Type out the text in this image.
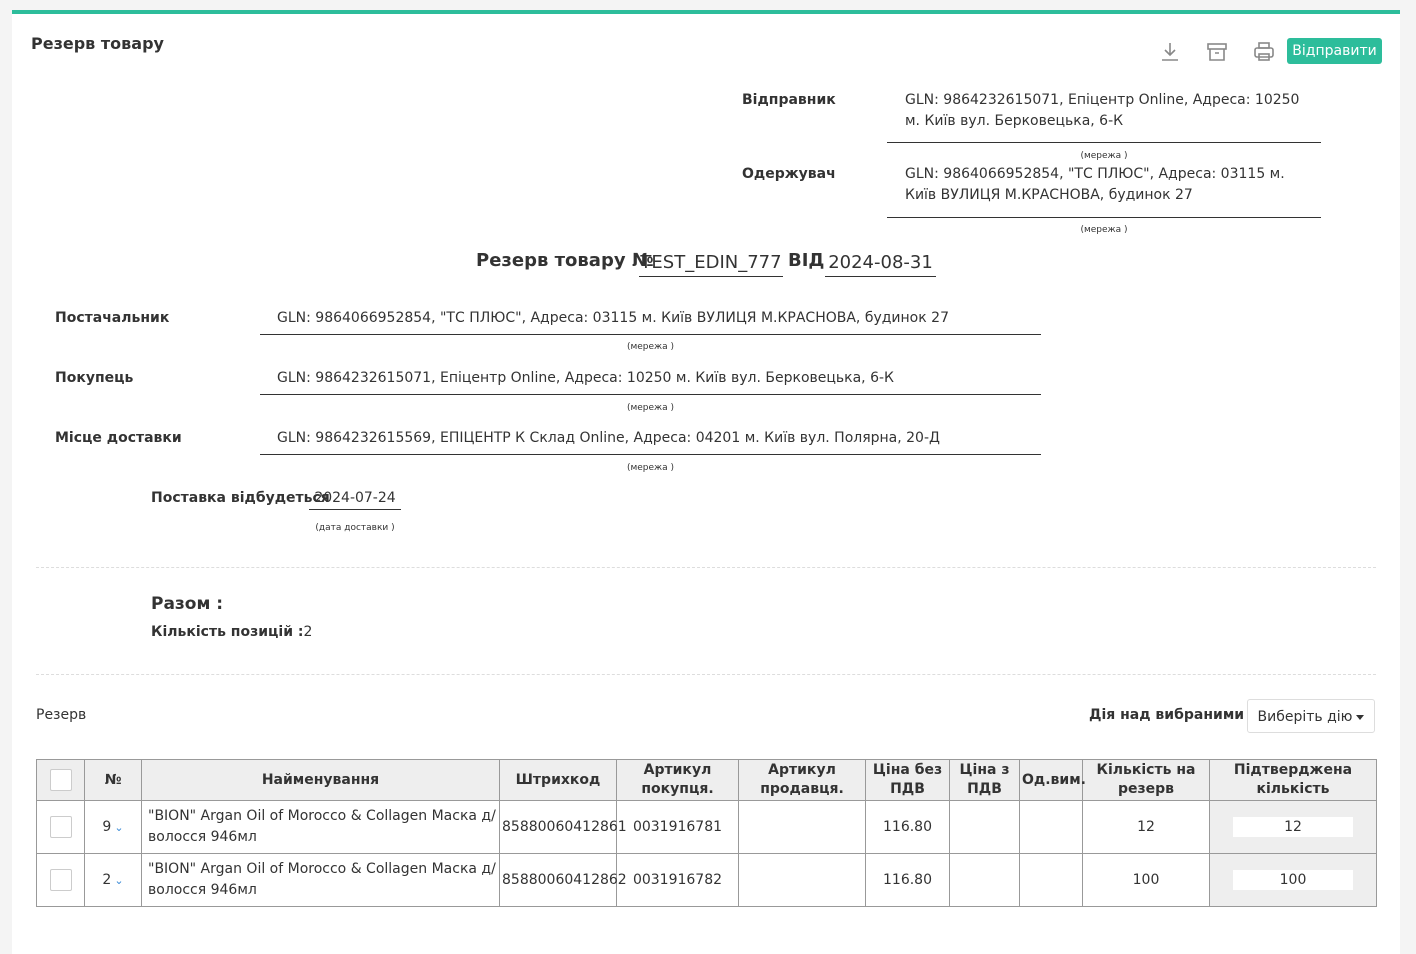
Резерв товару	Відправити
Відправник	GLN: 9864232615071, Епіцентр Online, Адреса: 10250
м. Київ вул. Берковецька, 6-К
(мережа )
Одержувач	GLN: 9864066952854, "ТС ПЛЮС", Адреса: 03115 м.
Київ ВУЛИЦЯ М.КРАСНОВА, будинок 27
(мережа )
Резерв товару №
TEST_EDIN_777 ВІД 2024-08-31
Постачальник	GLN: 9864066952854, "ТС ПЛЮС", Адреса: 03115 м. Київ ВУЛИЦЯ М.КРАСНОВА, будинок 27
(мережа )
Покупець	GLN: 9864232615071, Епіцентр Online, Адреса: 10250 м. Київ вул. Берковецька, 6-К
(мережа )
Місце доставки	GLN: 9864232615569, ЕПІЦЕНТР К Склад Online, Адреса: 04201 м. Київ вул. Полярна, 20-Д
(мережа )
Поставка відбудеться
2024-07-24
(дата доставки )
Разом :
Кількість позицій :2
Резерв	Дія над вибраними Виберіть дію
	№	Найменування	Штрихкод	Артикул покупця.	Артикул продавця.	Ціна без ПДВ	Ціна з ПДВ	Од.вим.	Кількість на резерв	Підтверджена кількість
	9 ⌄	"BION" Argan Oil of Morocco & Collagen Маска д/волосся 946мл	85880060412861	0031916781		116.80			12	12
	2 ⌄	"BION" Argan Oil of Morocco & Collagen Маска д/волосся 946мл	85880060412862	0031916782		116.80			100	100
